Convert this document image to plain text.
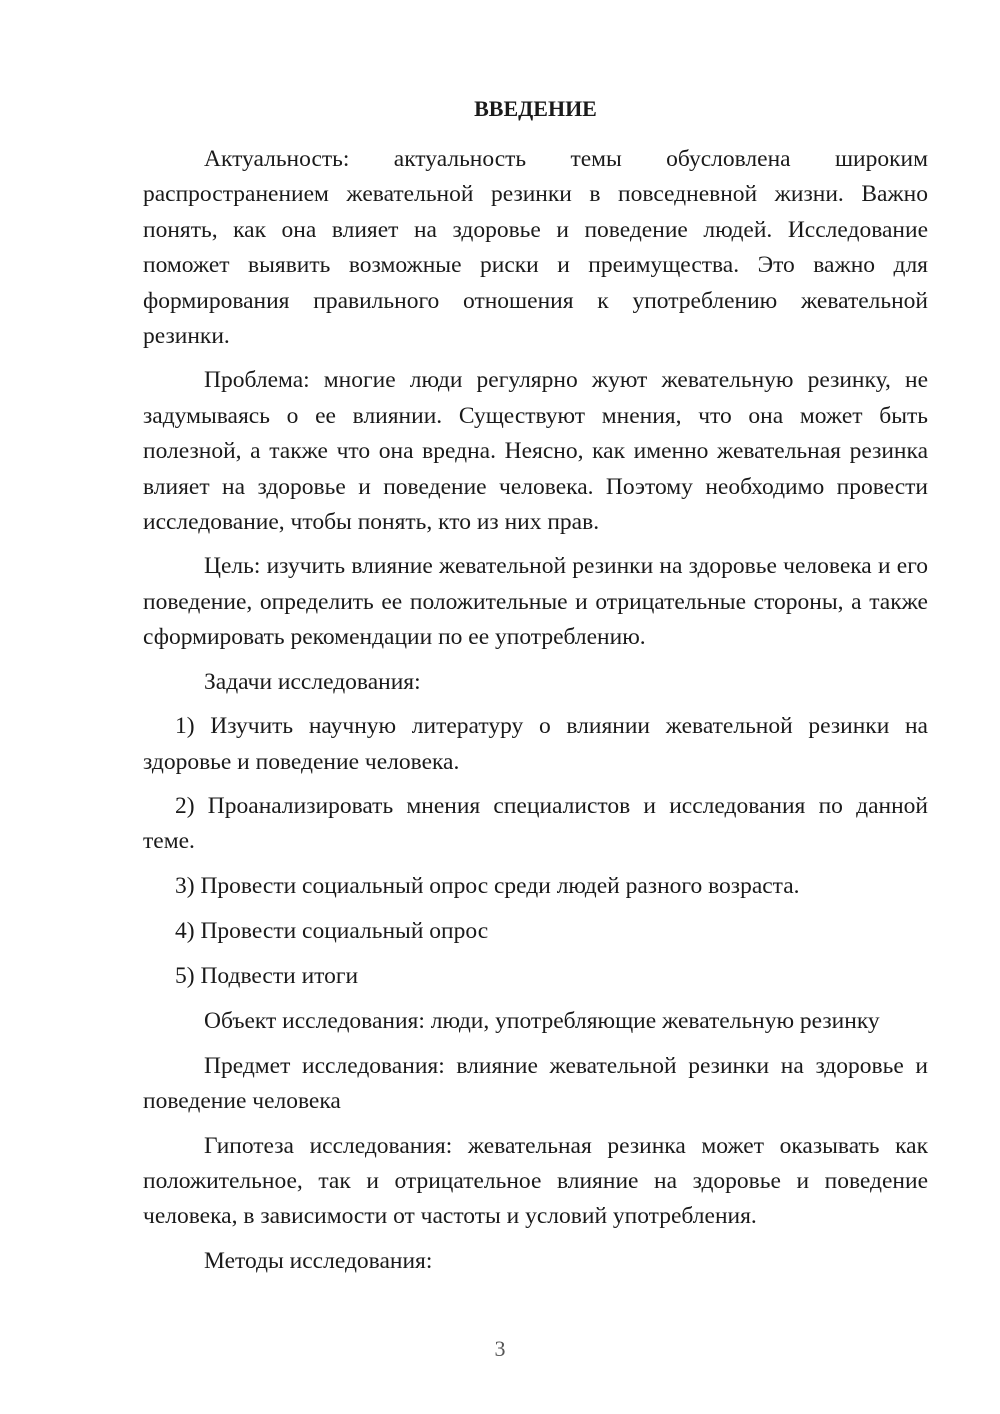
ВВЕДЕНИЕ

Актуальность: актуальность темы обусловлена широким распространением жевательной резинки в повседневной жизни. Важно понять, как она влияет на здоровье и поведение людей. Исследование поможет выявить возможные риски и преимущества. Это важно для формирования правильного отношения к употреблению жевательной резинки.

Проблема: многие люди регулярно жуют жевательную резинку, не задумываясь о ее влиянии. Существуют мнения, что она может быть полезной, а также что она вредна. Неясно, как именно жевательная резинка влияет на здоровье и поведение человека. Поэтому необходимо провести исследование, чтобы понять, кто из них прав.

Цель: изучить влияние жевательной резинки на здоровье человека и его поведение, определить ее положительные и отрицательные стороны, а также сформировать рекомендации по ее употреблению.

Задачи исследования:

1) Изучить научную литературу о влиянии жевательной резинки на здоровье и поведение человека.

2) Проанализировать мнения специалистов и исследования по данной теме.

3) Провести социальный опрос среди людей разного возраста.

4) Провести социальный опрос

5) Подвести итоги

Объект исследования: люди, употребляющие жевательную резинку

Предмет исследования: влияние жевательной резинки на здоровье и поведение человека

Гипотеза исследования: жевательная резинка может оказывать как положительное, так и отрицательное влияние на здоровье и поведение человека, в зависимости от частоты и условий употребления.

Методы исследования:

3
